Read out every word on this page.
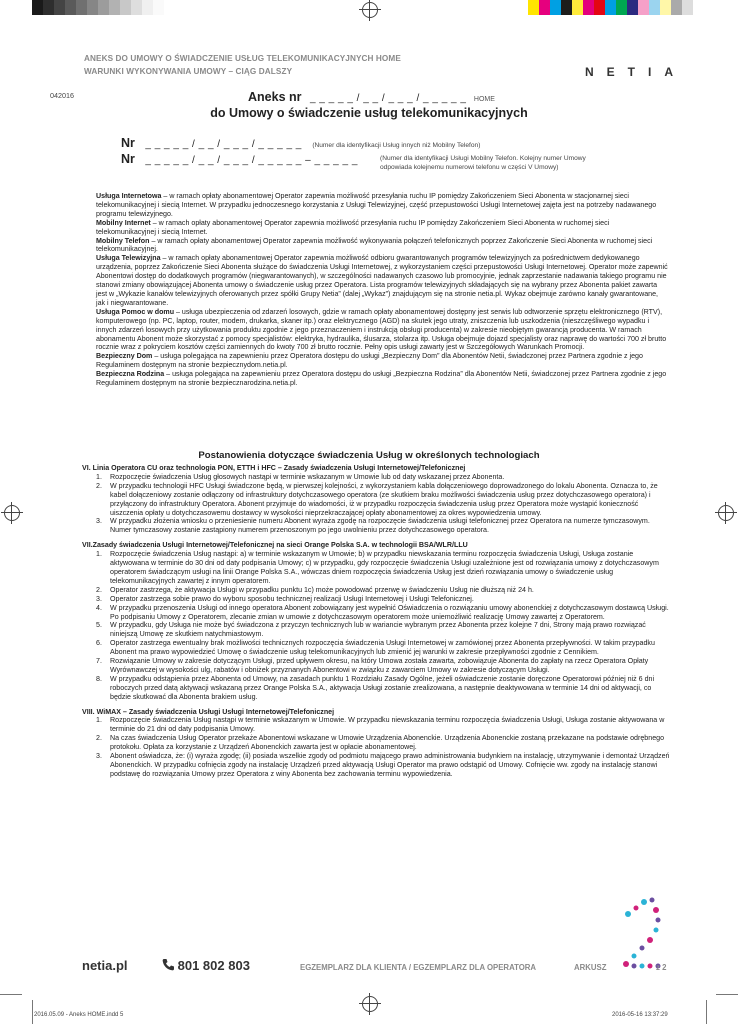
ANEKS DO UMOWY O ŚWIADCZENIE USŁUG TELEKOMUNIKACYJNYCH HOME
WARUNKI WYKONYWANIA UMOWY – CIĄG DALSZY	NETIA
042016	Aneks nr _ _ _ _ _ / _ _ / _ _ _ / _ _ _ _ _ HOME
do Umowy o świadczenie usług telekomunikacyjnych
Nr _ _ _ _ _ / _ _ / _ _ _ / _ _ _ _ _ (Numer dla identyfikacji Usług innych niż Mobilny Telefon)
Nr _ _ _ _ _ / _ _ / _ _ _ / _ _ _ _ _ – _ _ _ _ _	(Numer dla identyfikacji Usługi Mobilny Telefon. Kolejny numer Umowy
odpowiada kolejnemu numerowi telefonu w części V Umowy)
Usługa Internetowa – w ramach opłaty abonamentowej Operator zapewnia możliwość przesyłania ruchu IP pomiędzy Zakończeniem Sieci Abonenta w stacjonarnej sieci telekomunikacyjnej i siecią Internet. W przypadku jednoczesnego korzystania z Usługi Telewizyjnej, część przepustowości Usługi Internetowej zajęta jest na potrzeby nadawanego programu telewizyjnego.
Mobilny Internet – w ramach opłaty abonamentowej Operator zapewnia możliwość przesyłania ruchu IP pomiędzy Zakończeniem Sieci Abonenta w ruchomej sieci telekomunikacyjnej i siecią Internet.
Mobilny Telefon – w ramach opłaty abonamentowej Operator zapewnia możliwość wykonywania połączeń telefonicznych poprzez Zakończenie Sieci Abonenta w ruchomej sieci telekomunikacyjnej.
Usługa Telewizyjna – w ramach opłaty abonamentowej Operator zapewnia możliwość odbioru gwarantowanych programów telewizyjnych za pośrednictwem dedykowanego urządzenia, poprzez Zakończenie Sieci Abonenta służące do świadczenia Usługi Internetowej, z wykorzystaniem części przepustowości Usługi Internetowej. Operator może zapewnić Abonentowi dostęp do dodatkowych programów (niegwarantowanych), w szczególności nadawanych czasowo lub promocyjnie, jednak zaprzestanie nadawania takiego programu nie stanowi zmiany obowiązującej Abonenta umowy o świadczenie usług przez Operatora. Lista programów telewizyjnych składających się na wybrany przez Abonenta pakiet zawarta jest w „Wykazie kanałów telewizyjnych oferowanych przez spółki Grupy Netia” (dalej „Wykaz”) znajdującym się na stronie netia.pl. Wykaz obejmuje zarówno kanały gwarantowane, jak i niegwarantowane.
Usługa Pomoc w domu – usługa ubezpieczenia od zdarzeń losowych, gdzie w ramach opłaty abonamentowej dostępny jest serwis lub odtworzenie sprzętu elektronicznego (RTV), komputerowego (np. PC, laptop, router, modem, drukarka, skaner itp.) oraz elektrycznego (AGD) na skutek jego utraty, zniszczenia lub uszkodzenia (nieszczęśliwego wypadku i innych zdarzeń losowych przy użytkowania produktu zgodnie z jego przeznaczeniem i instrukcją obsługi producenta) w zakresie nieobjętym gwarancją producenta. W ramach abonamentu Abonent może skorzystać z pomocy specjalistów: elektryka, hydraulika, ślusarza, stolarza itp. Usługa obejmuje dojazd specjalisty oraz naprawę do wartości 700 zł brutto rocznie wraz z pokryciem kosztów części zamiennych do kwoty 700 zł brutto rocznie. Pełny opis usługi zawarty jest w Szczegółowych Warunkach Promocji.
Bezpieczny Dom – usługa polegająca na zapewnieniu przez Operatora dostępu do usługi „Bezpieczny Dom” dla Abonentów Netii, świadczonej przez Partnera zgodnie z jego Regulaminem dostępnym na stronie bezpiecznydom.netia.pl.
Bezpieczna Rodzina – usługa polegająca na zapewnieniu przez Operatora dostępu do usługi „Bezpieczna Rodzina” dla Abonentów Netii, świadczonej przez Partnera zgodnie z jego Regulaminem dostępnym na stronie bezpiecznarodzina.netia.pl.
Postanowienia dotyczące świadczenia Usług w określonych technologiach
VI. Linia Operatora CU oraz technologia PON, ETTH i HFC – Zasady świadczenia Usługi Internetowej/Telefonicznej
1. Rozpoczęcie świadczenia Usług głosowych nastąpi w terminie wskazanym w Umowie lub od daty wskazanej przez Abonenta.
2. W przypadku technologii HFC Usługi świadczone będą, w pierwszej kolejności, z wykorzystaniem kabla dołączeniowego doprowadzonego do lokalu Abonenta. Oznacza to, że kabel dołączeniowy zostanie odłączony od infrastruktury dotychczasowego operatora (ze skutkiem braku możliwości świadczenia usług przez dotychczasowego operatora) i przyłączony do infrastruktury Operatora. Abonent przyjmuje do wiadomości, iż w przypadku rozpoczęcia świadczenia usług przez Operatora może wystąpić konieczność uiszczenia opłaty u dotychczasowemu dostawcy w wysokości nieprzekraczającej opłaty abonamentowej za okres wypowiedzenia umowy.
3. W przypadku złożenia wniosku o przeniesienie numeru Abonent wyraża zgodę na rozpoczęcie świadczenia usługi telefonicznej przez Operatora na numerze tymczasowym. Numer tymczasowy zostanie zastąpiony numerem przenoszonym po jego uwolnieniu przez dotychczasowego operatora.
VII.Zasady świadczenia Usługi Internetowej/Telefonicznej na sieci Orange Polska S.A. w technologii BSA/WLR/LLU
1. Rozpoczęcie świadczenia Usług nastąpi: a) w terminie wskazanym w Umowie; b) w przypadku niewskazania terminu rozpoczęcia świadczenia Usługi, Usługa zostanie aktywowana w terminie do 30 dni od daty podpisania Umowy; c) w przypadku, gdy rozpoczęcie świadczenia Usługi uzależnione jest od rozwiązania umowy z dotychczasowym operatorem świadczącym usługi na linii Orange Polska S.A., wówczas dniem rozpoczęcia świadczenia Usług jest dzień rozwiązania umowy o świadczenie usług telekomunikacyjnych zawartej z innym operatorem.
2. Operator zastrzega, że aktywacja Usługi w przypadku punktu 1c) może powodować przerwę w świadczeniu Usług nie dłuższą niż 24 h.
3. Operator zastrzega sobie prawo do wyboru sposobu technicznej realizacji Usługi Internetowej i Usługi Telefonicznej.
4. W przypadku przenoszenia Usługi od innego operatora Abonent zobowiązany jest wypełnić Oświadczenia o rozwiązaniu umowy abonenckiej z dotychczasowym dostawcą Usługi. Po podpisaniu Umowy z Operatorem, zlecanie zmian w umowie z dotychczasowym operatorem może uniemożliwić realizację Umowy zawartej z Operatorem.
5. W przypadku, gdy Usługa nie może być świadczona z przyczyn technicznych lub w wariancie wybranym przez Abonenta przez kolejne 7 dni, Strony mają prawo rozwiązać niniejszą Umowę ze skutkiem natychmiastowym.
6. Operator zastrzega ewentualny brak możliwości technicznych rozpoczęcia świadczenia Usługi Internetowej w zamówionej przez Abonenta przepływności. W takim przypadku Abonent ma prawo wypowiedzieć Umowę o świadczenie usług telekomunikacyjnych lub zmienić jej warunki w zakresie przepływności zgodnie z Cennikiem.
7. Rozwiązanie Umowy w zakresie dotyczącym Usługi, przed upływem okresu, na który Umowa została zawarta, zobowiązuje Abonenta do zapłaty na rzecz Operatora Opłaty Wyrównawczej w wysokości ulg, rabatów i obniżek przyznanych Abonentowi w związku z zawarciem Umowy w zakresie dotyczącym Usługi.
8. W przypadku odstąpienia przez Abonenta od Umowy, na zasadach punktu 1 Rozdziału Zasady Ogólne, jeżeli oświadczenie zostanie doręczone Operatorowi później niż 6 dni roboczych przed datą aktywacji wskazaną przez Orange Polska S.A., aktywacja Usługi zostanie zrealizowana, a następnie deaktywowana w terminie 14 dni od aktywacji, co będzie skutkować dla Abonenta brakiem usług.
VIII. WiMAX – Zasady świadczenia Usługi Usługi Internetowej/Telefonicznej
1. Rozpoczęcie świadczenia Usług nastąpi w terminie wskazanym w Umowie. W przypadku niewskazania terminu rozpoczęcia świadczenia Usługi, Usługa zostanie aktywowana w terminie do 21 dni od daty podpisania Umowy.
2. Na czas świadczenia Usług Operator przekaże Abonentowi wskazane w Umowie Urządzenia Abonenckie. Urządzenia Abonenckie zostaną przekazane na podstawie odrębnego protokołu. Opłata za korzystanie z Urządzeń Abonenckich zawarta jest w opłacie abonamentowej.
3. Abonent oświadcza, że: (i) wyraża zgodę; (ii) posiada wszelkie zgody od podmiotu mającego prawo administrowania budynkiem na instalację, utrzymywanie i demontaż Urządzeń Abonenckich. W przypadku cofnięcia zgody na instalację Urządzeń przed aktywacją Usługi Operator ma prawo odstąpić od Umowy. Cofnięcie ww. zgody na instalację stanowi podstawę do rozwiązania Umowy przez Operatora z winy Abonenta bez zachowania terminu wypowiedzenia.
netia.pl	801 802 803	EGZEMPLARZ DLA KLIENTA / EGZEMPLARZ DLA OPERATORA	ARKUSZ	z 2
2016.05.09 - Aneks HOME.indd 5	2016-05-16 13:37:29
